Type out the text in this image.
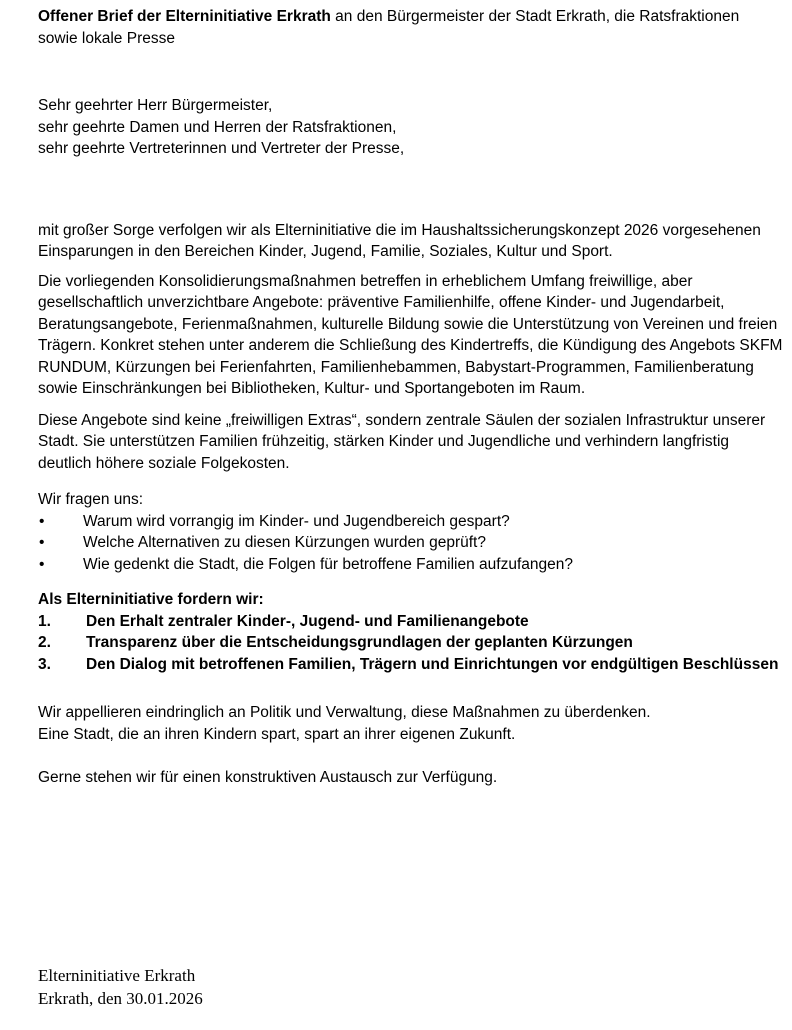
Offener Brief der Elterninitiative Erkrath an den Bürgermeister der Stadt Erkrath, die Ratsfraktionen sowie lokale Presse

Sehr geehrter Herr Bürgermeister,
sehr geehrte Damen und Herren der Ratsfraktionen,
sehr geehrte Vertreterinnen und Vertreter der Presse,

mit großer Sorge verfolgen wir als Elterninitiative die im Haushaltssicherungskonzept 2026 vorgesehenen Einsparungen in den Bereichen Kinder, Jugend, Familie, Soziales, Kultur und Sport.

Die vorliegenden Konsolidierungsmaßnahmen betreffen in erheblichem Umfang freiwillige, aber gesellschaftlich unverzichtbare Angebote: präventive Familienhilfe, offene Kinder- und Jugendarbeit, Beratungsangebote, Ferienmaßnahmen, kulturelle Bildung sowie die Unterstützung von Vereinen und freien Trägern. Konkret stehen unter anderem die Schließung des Kindertreffs, die Kündigung des Angebots SKFM RUNDUM, Kürzungen bei Ferienfahrten, Familienhebammen, Babystart-Programmen, Familienberatung sowie Einschränkungen bei Bibliotheken, Kultur- und Sportangeboten im Raum.

Diese Angebote sind keine „freiwilligen Extras“, sondern zentrale Säulen der sozialen Infrastruktur unserer Stadt. Sie unterstützen Familien frühzeitig, stärken Kinder und Jugendliche und verhindern langfristig deutlich höhere soziale Folgekosten.

Wir fragen uns:
• Warum wird vorrangig im Kinder- und Jugendbereich gespart?
• Welche Alternativen zu diesen Kürzungen wurden geprüft?
• Wie gedenkt die Stadt, die Folgen für betroffene Familien aufzufangen?
Als Elterninitiative fordern wir:
1. Den Erhalt zentraler Kinder-, Jugend- und Familienangebote
2. Transparenz über die Entscheidungsgrundlagen der geplanten Kürzungen
3. Den Dialog mit betroffenen Familien, Trägern und Einrichtungen vor endgültigen Beschlüssen
Wir appellieren eindringlich an Politik und Verwaltung, diese Maßnahmen zu überdenken.
Eine Stadt, die an ihren Kindern spart, spart an ihrer eigenen Zukunft.

Gerne stehen wir für einen konstruktiven Austausch zur Verfügung.

Elterninitiative Erkrath
Erkrath, den 30.01.2026
